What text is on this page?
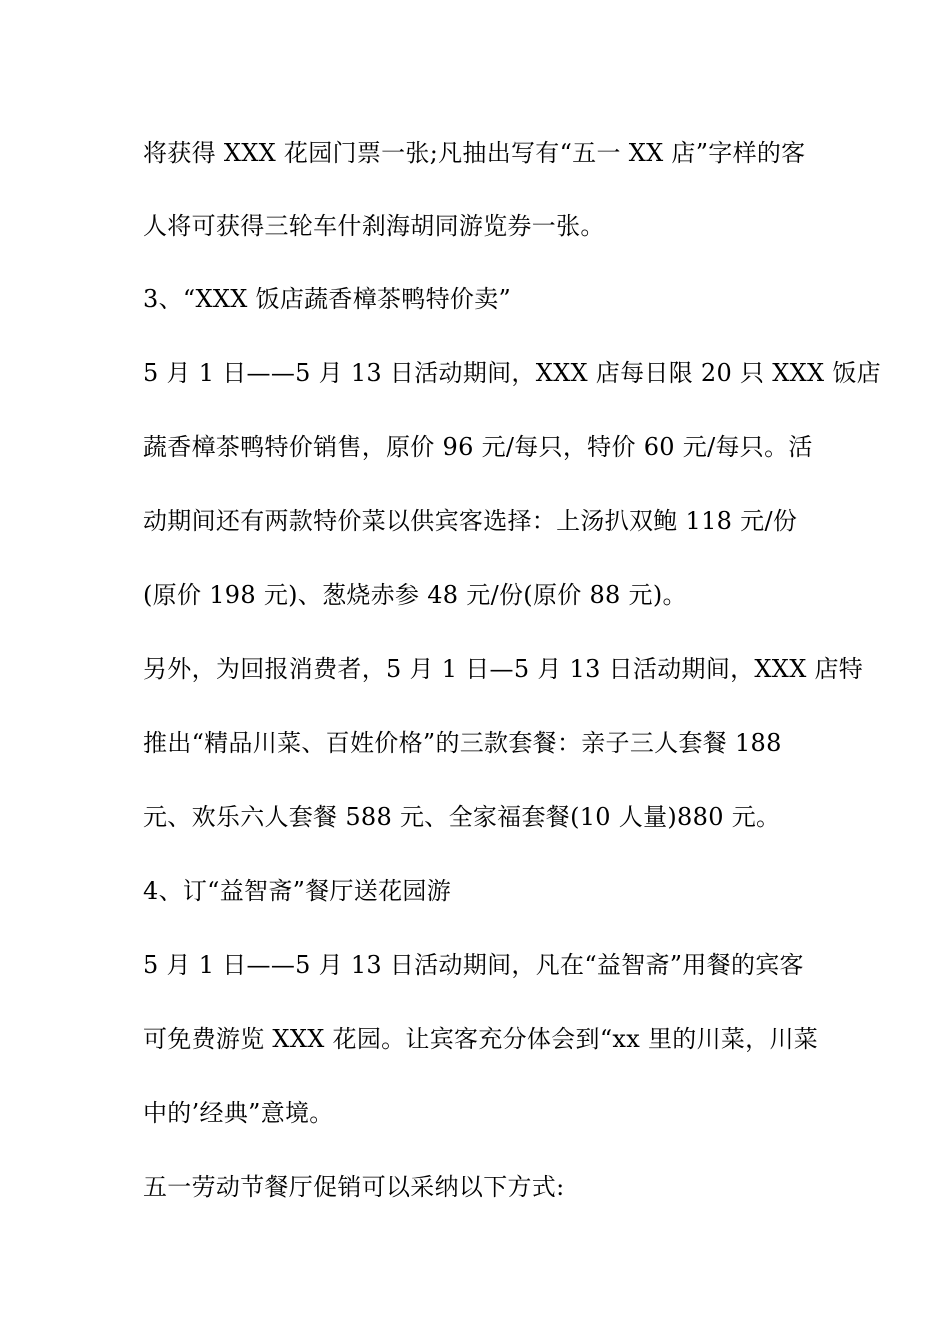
将获得 XXX 花园门票一张;凡抽出写有“五一 XX 店”字样的客
人将可获得三轮车什刹海胡同游览券一张。
3、“XXX 饭店蔬香樟茶鸭特价卖”
5 月 1 日——5 月 13 日活动期间，XXX 店每日限 20 只 XXX 饭店
蔬香樟茶鸭特价销售，原价 96 元/每只，特价 60 元/每只。活
动期间还有两款特价菜以供宾客选择：上汤扒双鲍 118 元/份
(原价 198 元)、葱烧赤参 48 元/份(原价 88 元)。
另外，为回报消费者，5 月 1 日—5 月 13 日活动期间，XXX 店特
推出“精品川菜、百姓价格”的三款套餐：亲子三人套餐 188
元、欢乐六人套餐 588 元、全家福套餐(10 人量)880 元。
4、订“益智斋”餐厅送花园游
5 月 1 日——5 月 13 日活动期间，凡在“益智斋”用餐的宾客
可免费游览 XXX 花园。让宾客充分体会到“xx 里的川菜，川菜
中的’经典”意境。
五一劳动节餐厅促销可以采纳以下方式:
